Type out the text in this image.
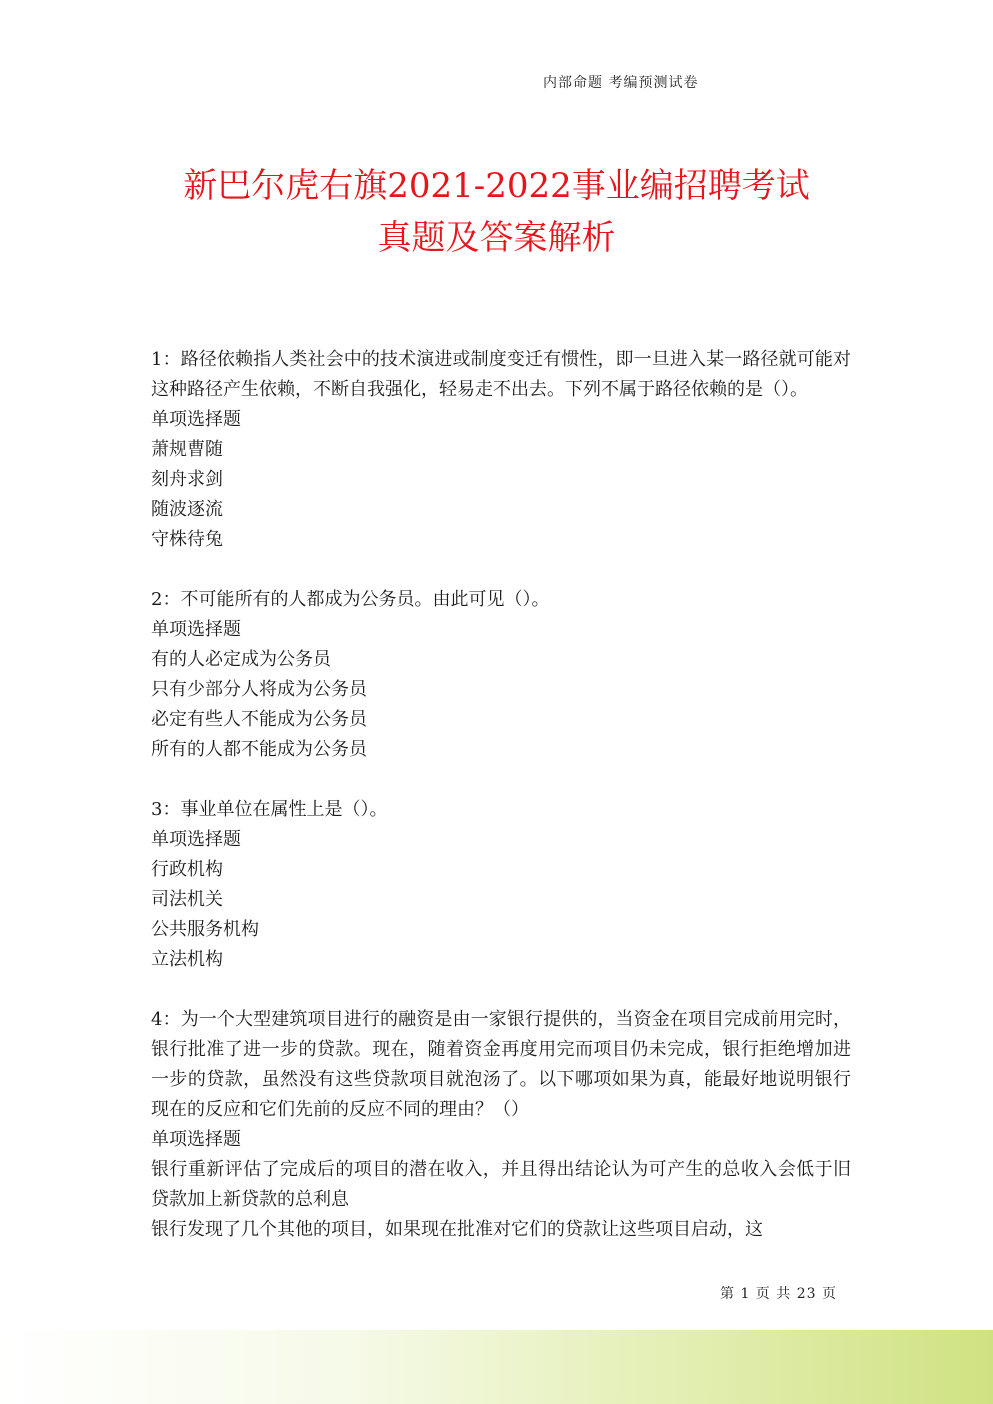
内部命题 考编预测试卷
新巴尔虎右旗2021-2022事业编招聘考试
真题及答案解析
1：路径依赖指人类社会中的技术演进或制度变迁有惯性，即一旦进入某一路径就可能对这种路径产生依赖，不断自我强化，轻易走不出去。下列不属于路径依赖的是（）。
单项选择题
萧规曹随
刻舟求剑
随波逐流
守株待兔
2：不可能所有的人都成为公务员。由此可见（）。
单项选择题
有的人必定成为公务员
只有少部分人将成为公务员
必定有些人不能成为公务员
所有的人都不能成为公务员
3：事业单位在属性上是（）。
单项选择题
行政机构
司法机关
公共服务机构
立法机构
4：为一个大型建筑项目进行的融资是由一家银行提供的，当资金在项目完成前用完时，银行批准了进一步的贷款。现在，随着资金再度用完而项目仍未完成，银行拒绝增加进一步的贷款，虽然没有这些贷款项目就泡汤了。以下哪项如果为真，能最好地说明银行现在的反应和它们先前的反应不同的理由？（）
单项选择题
银行重新评估了完成后的项目的潜在收入，并且得出结论认为可产生的总收入会低于旧贷款加上新贷款的总利息
银行发现了几个其他的项目，如果现在批准对它们的贷款让这些项目启动，这
第 1 页 共 23 页
